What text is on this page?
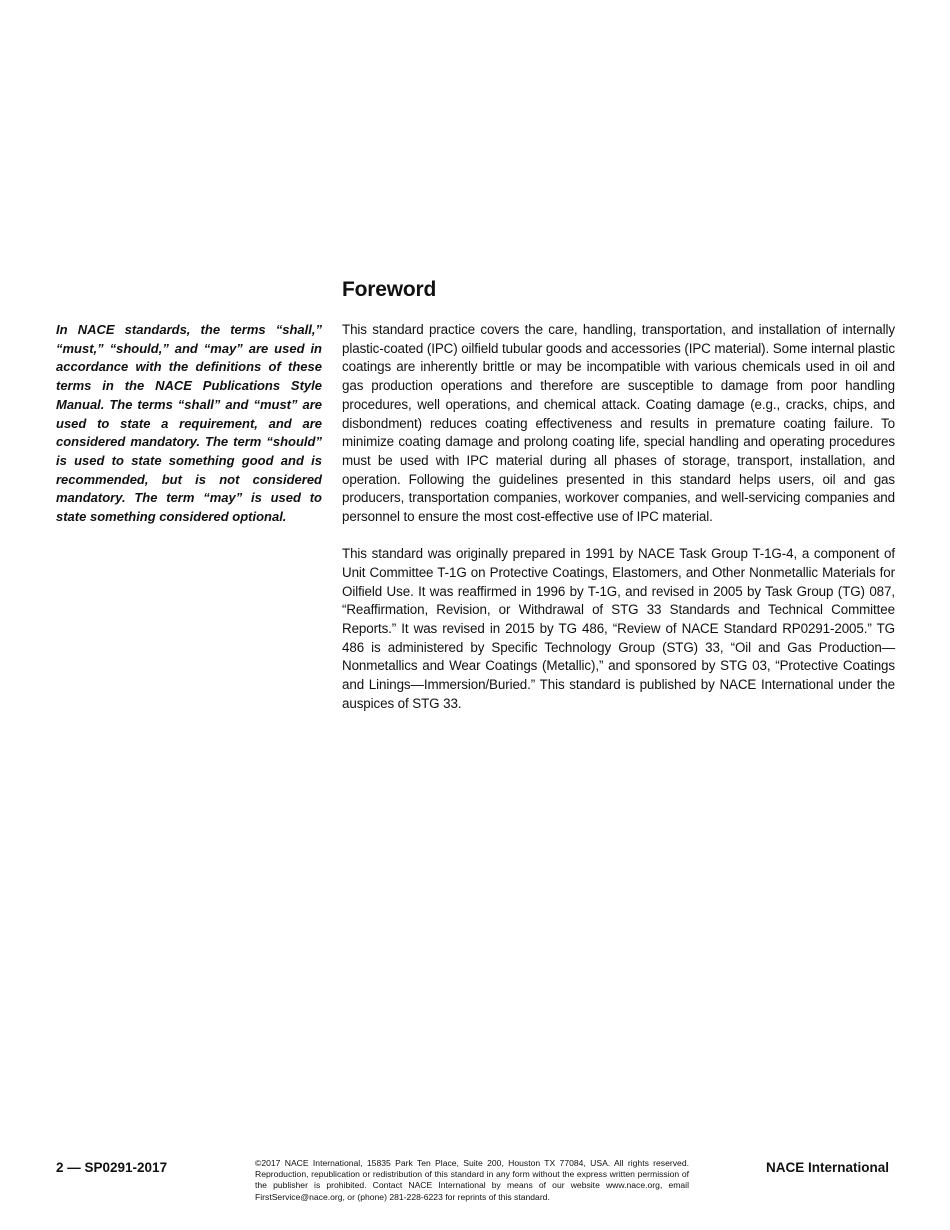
Foreword

In NACE standards, the terms “shall,” “must,” “should,” and “may” are used in accordance with the definitions of these terms in the NACE Publications Style Manual. The terms “shall” and “must” are used to state a requirement, and are considered mandatory. The term “should” is used to state something good and is recommended, but is not considered mandatory. The term “may” is used to state something considered optional.

This standard practice covers the care, handling, transportation, and installation of internally plastic-coated (IPC) oilfield tubular goods and accessories (IPC material). Some internal plastic coatings are inherently brittle or may be incompatible with various chemicals used in oil and gas production operations and therefore are susceptible to damage from poor handling procedures, well operations, and chemical attack. Coating damage (e.g., cracks, chips, and disbondment) reduces coating effectiveness and results in premature coating failure. To minimize coating damage and prolong coating life, special handling and operating procedures must be used with IPC material during all phases of storage, transport, installation, and operation. Following the guidelines presented in this standard helps users, oil and gas producers, transportation companies, workover companies, and well-servicing companies and personnel to ensure the most cost-effective use of IPC material.

This standard was originally prepared in 1991 by NACE Task Group T-1G-4, a component of Unit Committee T-1G on Protective Coatings, Elastomers, and Other Nonmetallic Materials for Oilfield Use. It was reaffirmed in 1996 by T-1G, and revised in 2005 by Task Group (TG) 087, “Reaffirmation, Revision, or Withdrawal of STG 33 Standards and Technical Committee Reports.” It was revised in 2015 by TG 486, “Review of NACE Standard RP0291-2005.” TG 486 is administered by Specific Technology Group (STG) 33, “Oil and Gas Production—Nonmetallics and Wear Coatings (Metallic),” and sponsored by STG 03, “Protective Coatings and Linings—Immersion/Buried.” This standard is published by NACE International under the auspices of STG 33.

2 — SP0291-2017	©2017 NACE International, 15835 Park Ten Place, Suite 200, Houston TX 77084, USA. All rights reserved. Reproduction, republication or redistribution of this standard in any form without the express written permission of the publisher is prohibited. Contact NACE International by means of our website www.nace.org, email FirstService@nace.org, or (phone) 281-228-6223 for reprints of this standard.

NACE International
